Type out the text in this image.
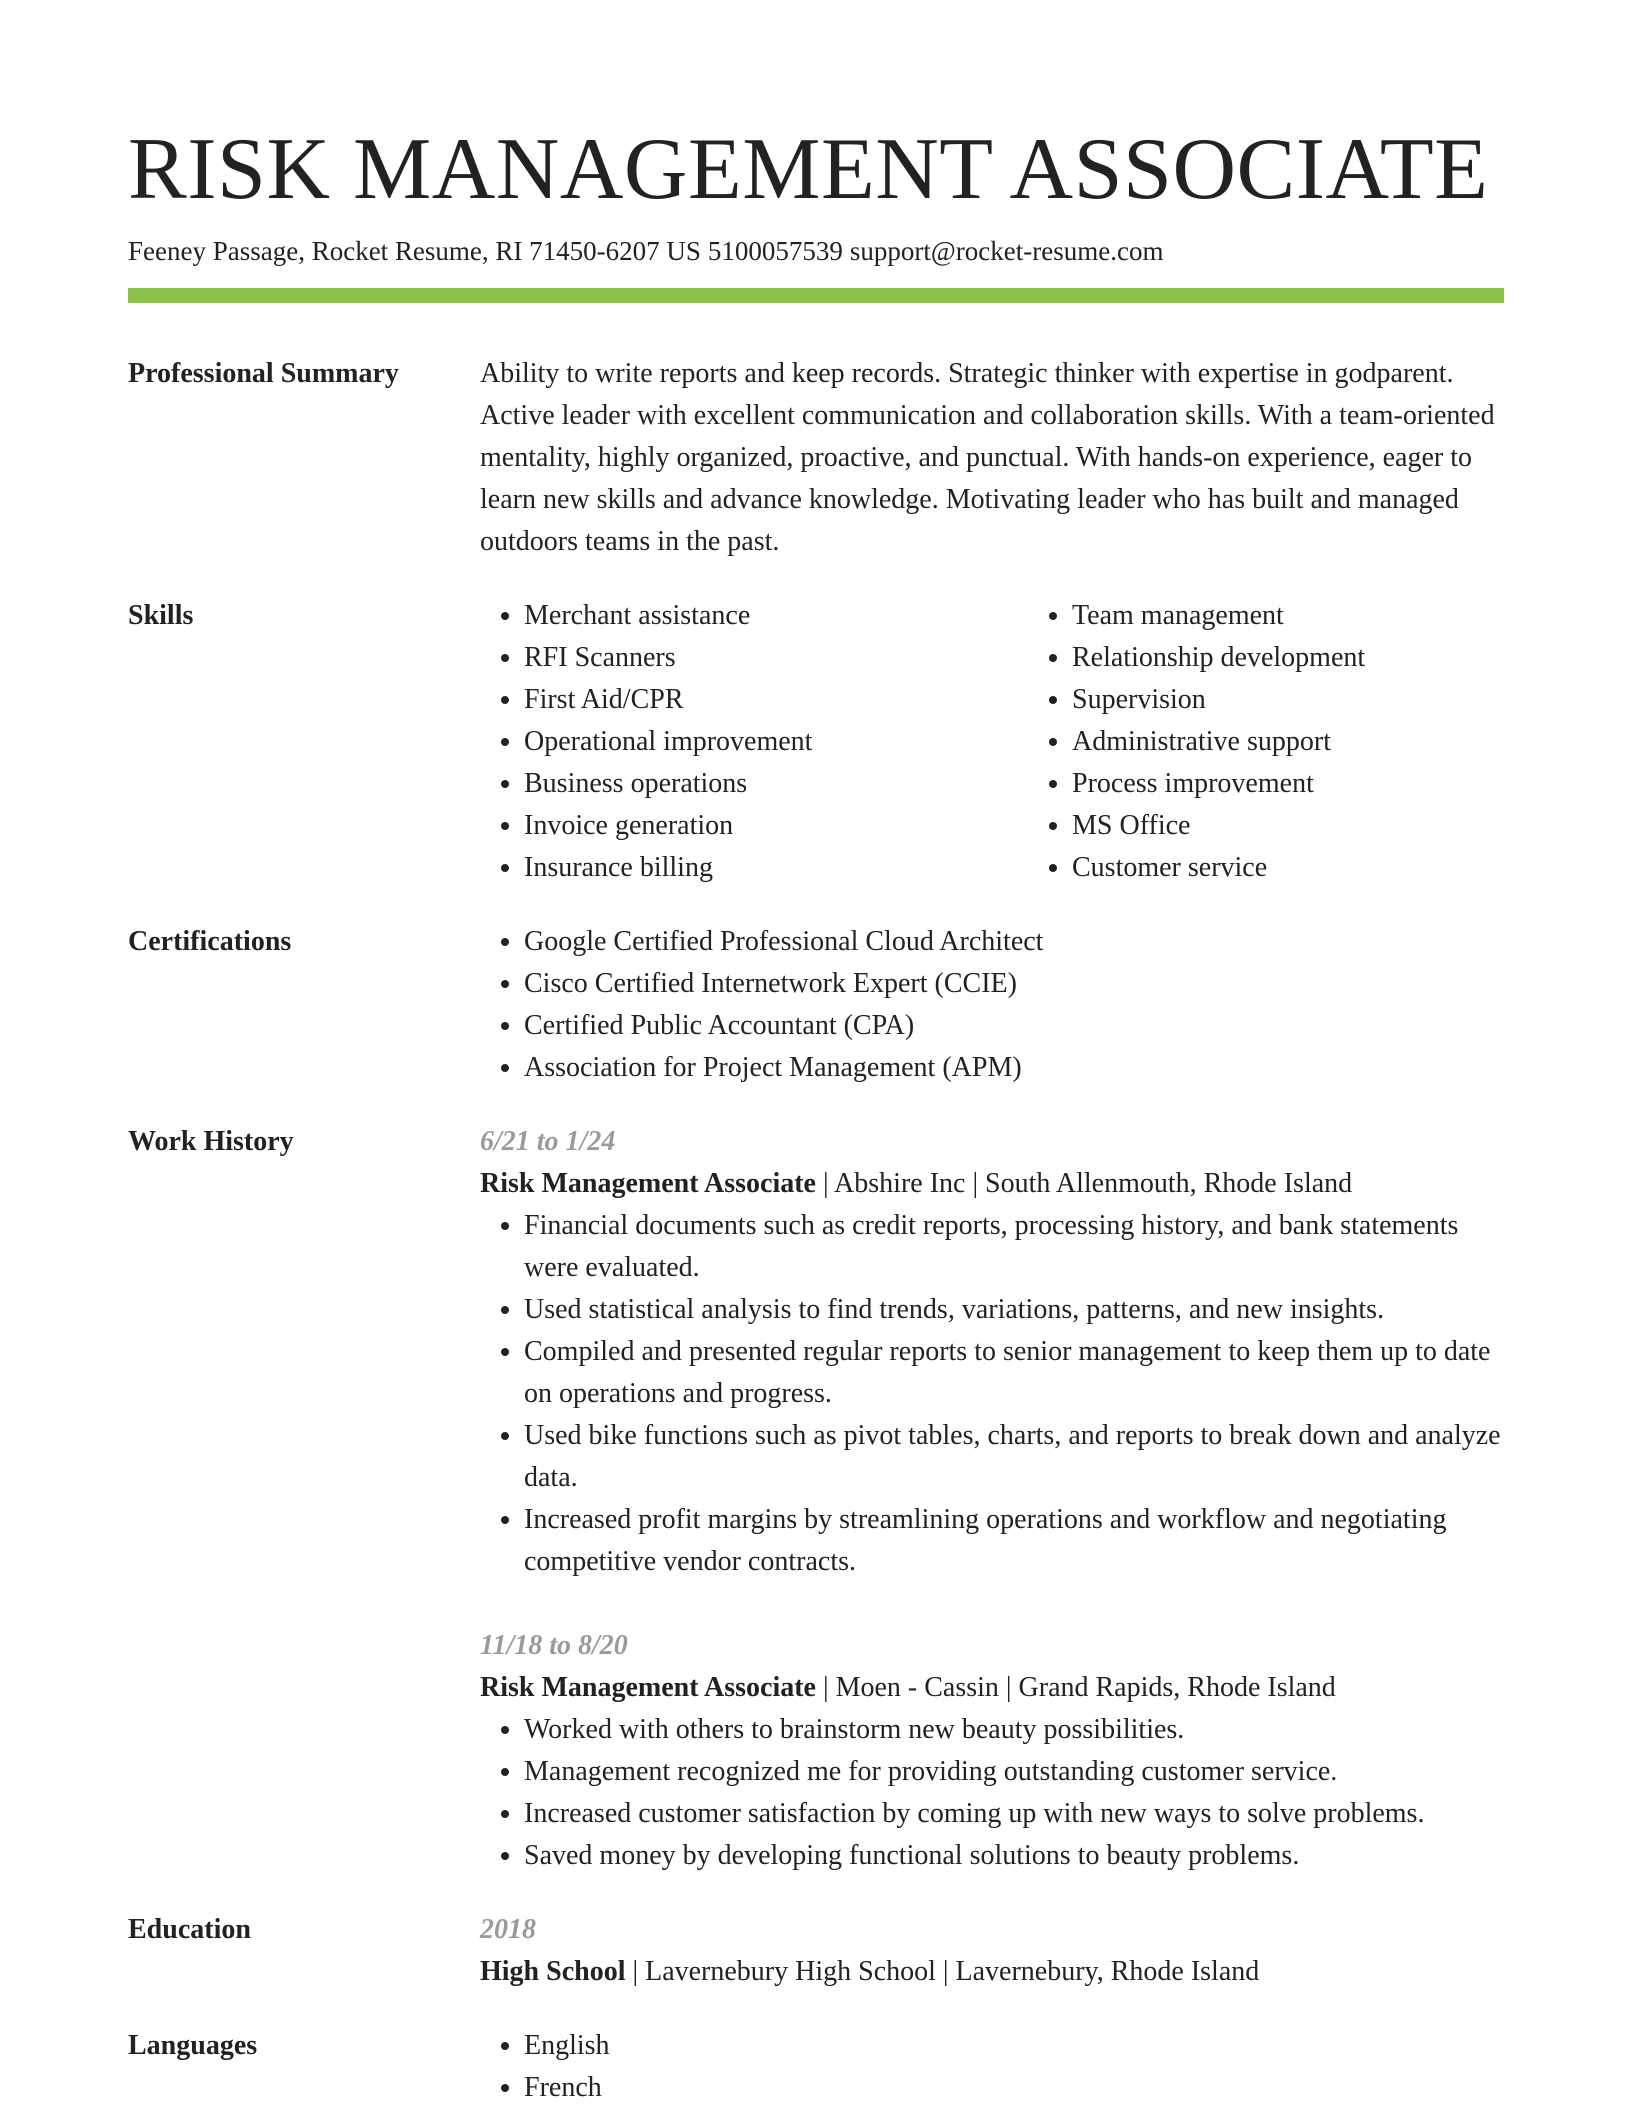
RISK MANAGEMENT ASSOCIATE
Feeney Passage, Rocket Resume, RI 71450-6207 US 5100057539 support@rocket-resume.com
Professional Summary	Ability to write reports and keep records. Strategic thinker with expertise in godparent. Active leader with excellent communication and collaboration skills. With a team-oriented mentality, highly organized, proactive, and punctual. With hands-on experience, eager to learn new skills and advance knowledge. Motivating leader who has built and managed outdoors teams in the past.
Skills	• Merchant assistance
• RFI Scanners
• First Aid/CPR
• Operational improvement
• Business operations
• Invoice generation
• Insurance billing
• Team management
• Relationship development
• Supervision
• Administrative support
• Process improvement
• MS Office
• Customer service
Certifications	• Google Certified Professional Cloud Architect
• Cisco Certified Internetwork Expert (CCIE)
• Certified Public Accountant (CPA)
• Association for Project Management (APM)
Work History	6/21 to 1/24
Risk Management Associate | Abshire Inc | South Allenmouth, Rhode Island
• Financial documents such as credit reports, processing history, and bank statements were evaluated.
• Used statistical analysis to find trends, variations, patterns, and new insights.
• Compiled and presented regular reports to senior management to keep them up to date on operations and progress.
• Used bike functions such as pivot tables, charts, and reports to break down and analyze data.
• Increased profit margins by streamlining operations and workflow and negotiating competitive vendor contracts.
11/18 to 8/20
Risk Management Associate | Moen - Cassin | Grand Rapids, Rhode Island
• Worked with others to brainstorm new beauty possibilities.
• Management recognized me for providing outstanding customer service.
• Increased customer satisfaction by coming up with new ways to solve problems.
• Saved money by developing functional solutions to beauty problems.
Education	2018
High School | Lavernebury High School | Lavernebury, Rhode Island
Languages	• English
• French
